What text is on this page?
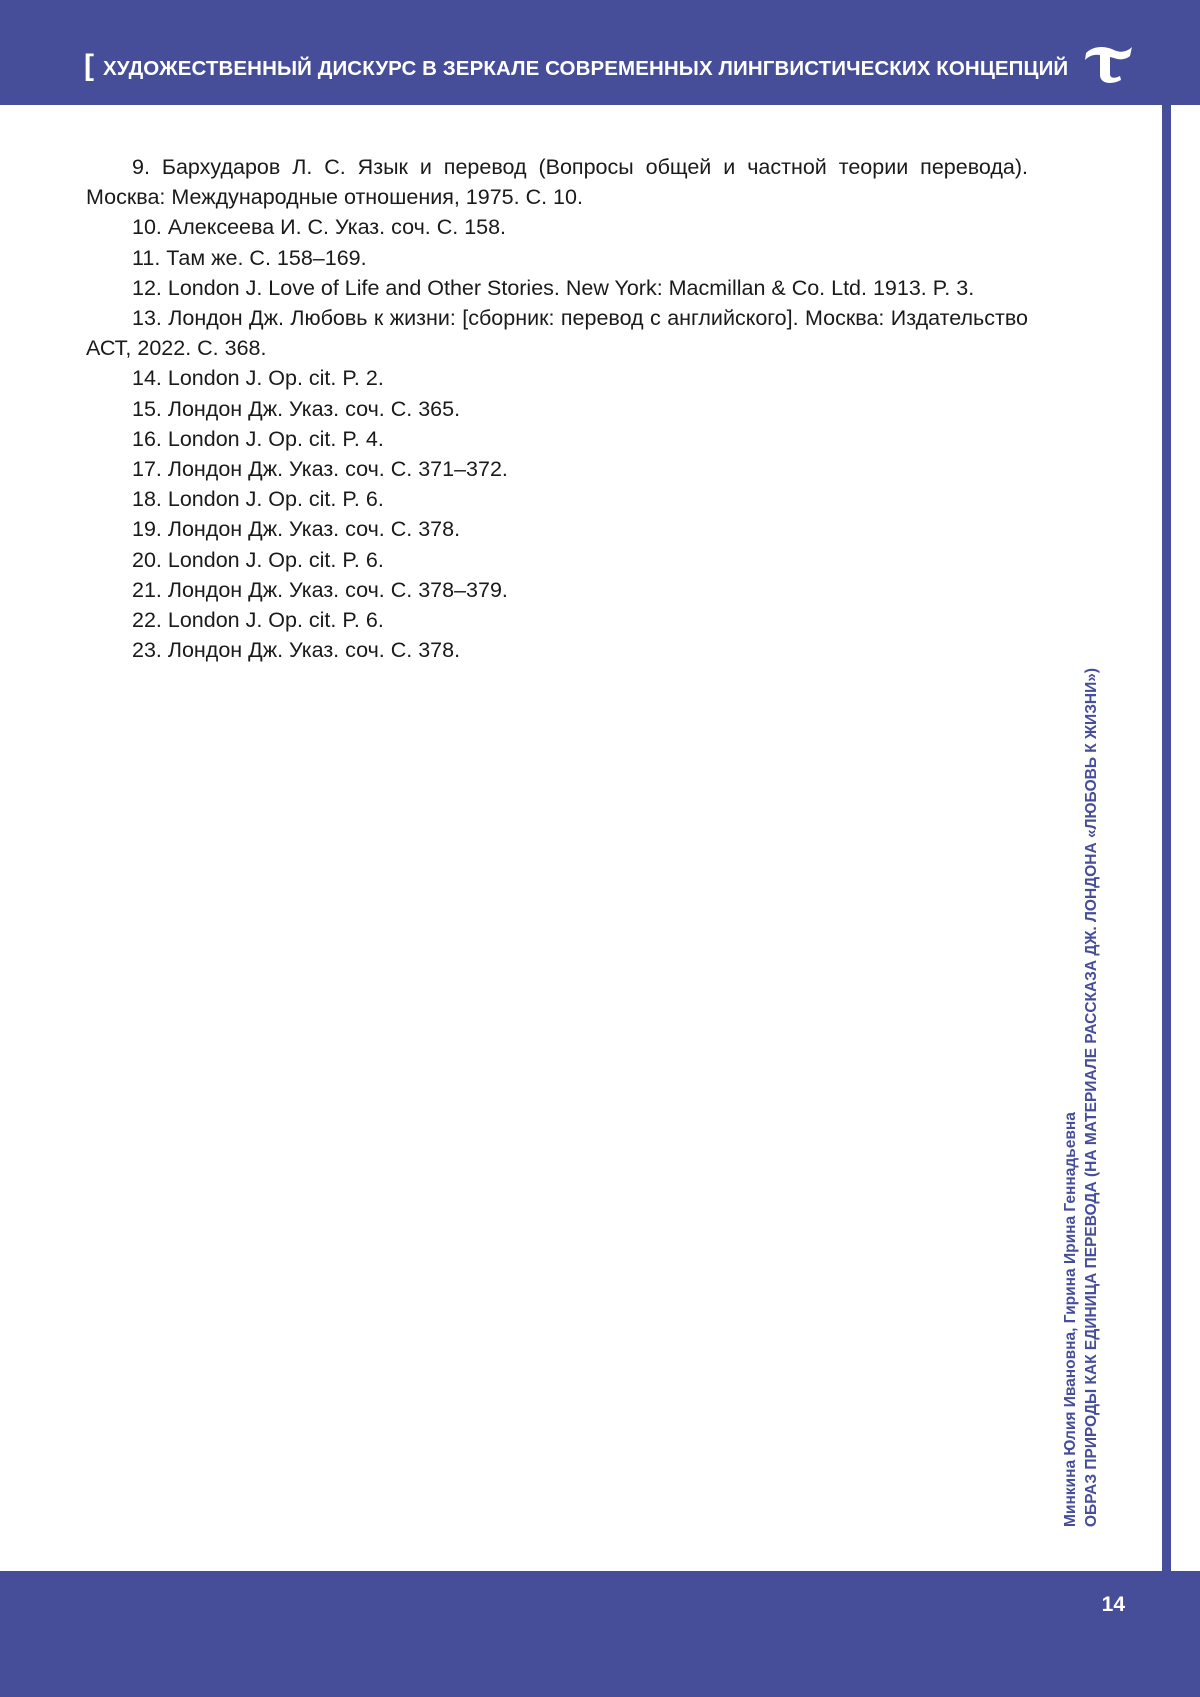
[ ХУДОЖЕСТВЕННЫЙ ДИСКУРС В ЗЕРКАЛЕ СОВРЕМЕННЫХ ЛИНГВИСТИЧЕСКИХ КОНЦЕПЦИЙ
9. Бархударов Л. С. Язык и перевод (Вопросы общей и частной теории перевода). Москва: Международные отношения, 1975. С. 10.
10. Алексеева И. С. Указ. соч. С. 158.
11. Там же. С. 158–169.
12. London J. Love of Life and Other Stories. New York: Macmillan & Co. Ltd. 1913. P. 3.
13. Лондон Дж. Любовь к жизни: [сборник: перевод с английского]. Москва: Издательство АСТ, 2022. С. 368.
14. London J. Op. cit. P. 2.
15. Лондон Дж. Указ. соч. С. 365.
16. London J. Op. cit. P. 4.
17. Лондон Дж. Указ. соч. С. 371–372.
18. London J. Op. cit. P. 6.
19. Лондон Дж. Указ. соч. С. 378.
20. London J. Op. cit. P. 6.
21. Лондон Дж. Указ. соч. С. 378–379.
22. London J. Op. cit. P. 6.
23. Лондон Дж. Указ. соч. С. 378.
Минкина Юлия Ивановна, Гирина Ирина Геннадьевна ОБРАЗ ПРИРОДЫ КАК ЕДИНИЦА ПЕРЕВОДА (НА МАТЕРИАЛЕ РАССКАЗА ДЖ. ЛОНДОНА «ЛЮБОВЬ К ЖИЗНИ»)
14
